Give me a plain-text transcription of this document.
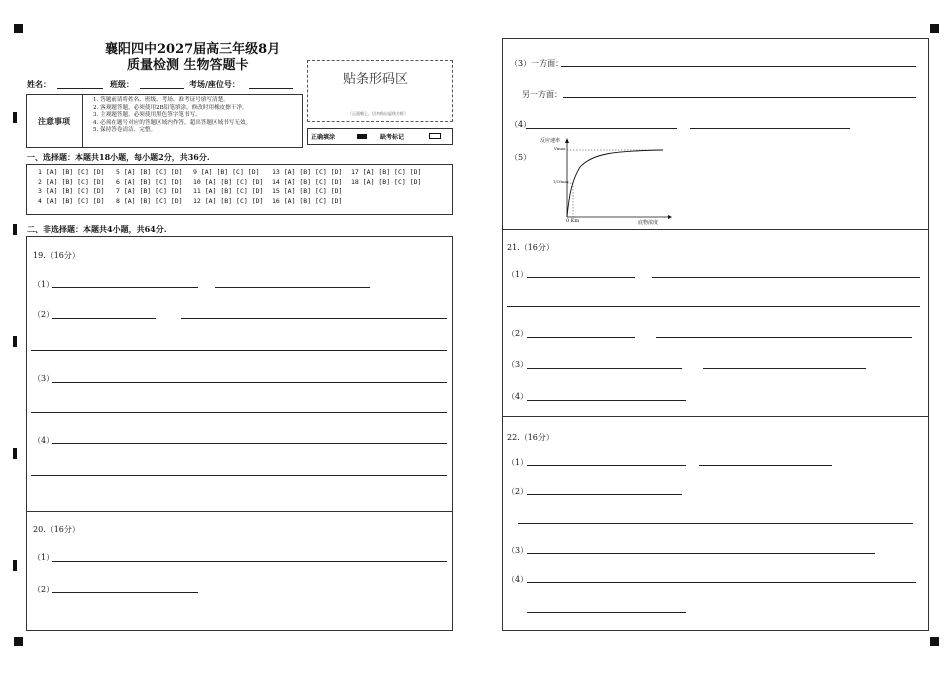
襄阳四中2027届高三年级8月
质量检测 生物答题卡
姓名：	班级：	考场/座位号：
注意事项
1. 答题前请将姓名、班级、考场、准考证号填写清楚。
2. 客观题答题，必须使用2B铅笔填涂，修改时用橡皮擦干净。
3. 主观题答题，必须使用黑色签字笔书写。
4. 必须在题号对应的答题区域内作答，超出答题区域书写无效。
5. 保持答卷清洁、完整。
贴条形码区
（正面朝上，切勿贴出虚线方框）
正确填涂	缺考标记
一、选择题：本题共18小题，每小题2分，共36分.
1 [A] [B] [C] [D]
2 [A] [B] [C] [D]
3 [A] [B] [C] [D]
4 [A] [B] [C] [D]
5 [A] [B] [C] [D]
6 [A] [B] [C] [D]
7 [A] [B] [C] [D]
8 [A] [B] [C] [D]
9 [A] [B] [C] [D]
10 [A] [B] [C] [D]
11 [A] [B] [C] [D]
12 [A] [B] [C] [D]
13 [A] [B] [C] [D]
14 [A] [B] [C] [D]
15 [A] [B] [C] [D]
16 [A] [B] [C] [D]
17 [A] [B] [C] [D]
18 [A] [B] [C] [D]
二、非选择题：本题共4小题，共64分.
19.（16分）
（1）
（2）
（3）
（4）
20.（16分）
（1）
（2）
（3）一方面：
另一方面：
（4）
（5）
反应速率
Vmax
1/2Vmax
0 Km	底物浓度
21.（16分）
（1）
（2）
（3）
（4）
22.（16分）
（1）
（2）
（3）
（4）
